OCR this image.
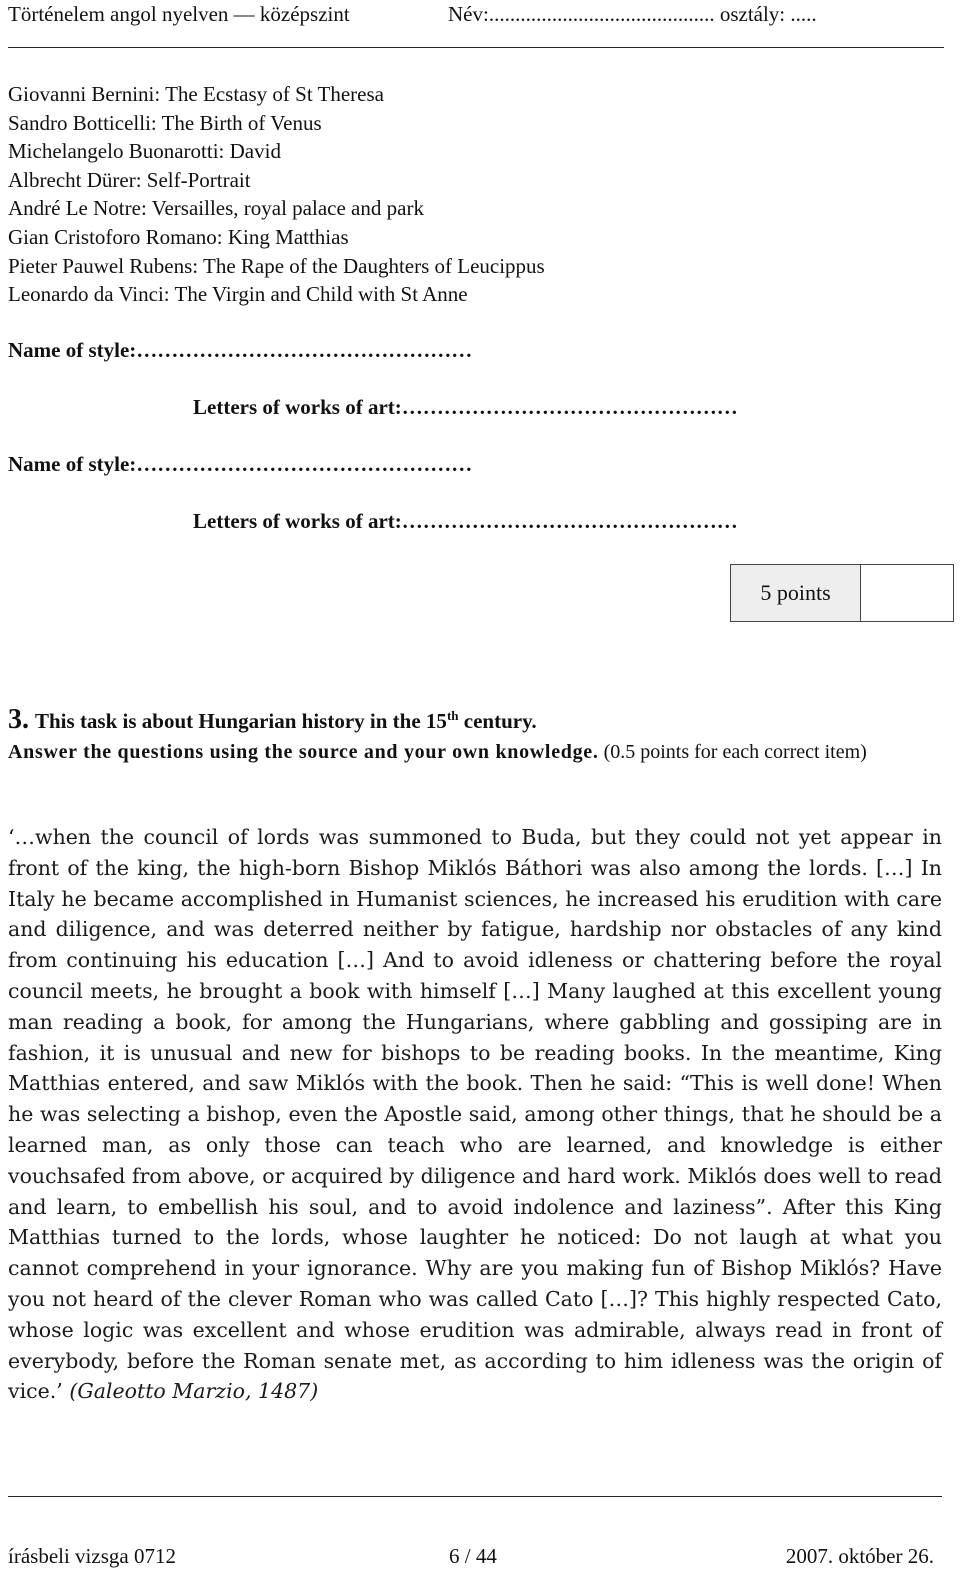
Történelem angol nyelven — középszint	Név:........................................... osztály: .....
Giovanni Bernini: The Ecstasy of St Theresa
Sandro Botticelli: The Birth of Venus
Michelangelo Buonarotti: David
Albrecht Dürer: Self-Portrait
André Le Notre: Versailles, royal palace and park
Gian Cristoforo Romano: King Matthias
Pieter Pauwel Rubens: The Rape of the Daughters of Leucippus
Leonardo da Vinci: The Virgin and Child with St Anne
Name of style:…………………………………………
Letters of works of art:…………………………………………
Name of style:…………………………………………
Letters of works of art:…………………………………………
5 points
3. This task is about Hungarian history in the 15th century.
Answer the questions using the source and your own knowledge. (0.5 points for each correct item)
‘…when the council of lords was summoned to Buda, but they could not yet appear in front of the king, the high-born Bishop Miklós Báthori was also among the lords. […] In Italy he became accomplished in Humanist sciences, he increased his erudition with care and diligence, and was deterred neither by fatigue, hardship nor obstacles of any kind from continuing his education […] And to avoid idleness or chattering before the royal council meets, he brought a book with himself […] Many laughed at this excellent young man reading a book, for among the Hungarians, where gabbling and gossiping are in fashion, it is unusual and new for bishops to be reading books. In the meantime, King Matthias entered, and saw Miklós with the book. Then he said: “This is well done! When he was selecting a bishop, even the Apostle said, among other things, that he should be a learned man, as only those can teach who are learned, and knowledge is either vouchsafed from above, or acquired by diligence and hard work. Miklós does well to read and learn, to embellish his soul, and to avoid indolence and laziness”. After this King Matthias turned to the lords, whose laughter he noticed: Do not laugh at what you cannot comprehend in your ignorance. Why are you making fun of Bishop Miklós? Have you not heard of the clever Roman who was called Cato […]? This highly respected Cato, whose logic was excellent and whose erudition was admirable, always read in front of everybody, before the Roman senate met, as according to him idleness was the origin of vice.’ (Galeotto Marzio, 1487)
írásbeli vizsga 0712	6 / 44	2007. október 26.
